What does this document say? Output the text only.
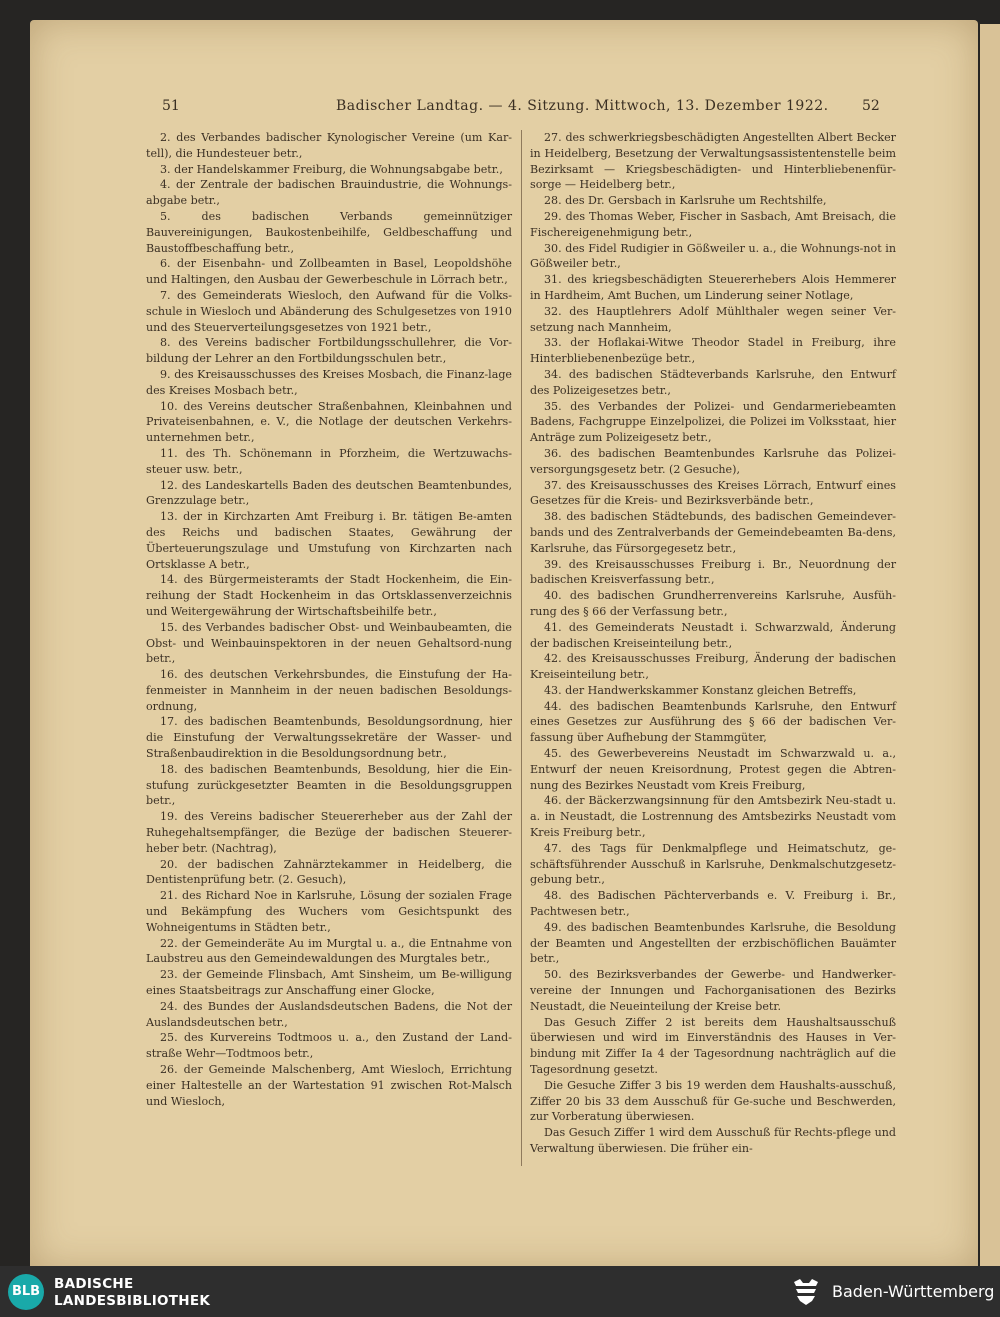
51	Badischer Landtag. — 4. Sitzung. Mittwoch, 13. Dezember 1922. 52

2. des Verbandes badischer Kynologischer Vereine (um Kar-tell), die Hundesteuer betr.,

3. der Handelskammer Freiburg, die Wohnungsabgabe betr.,

4. der Zentrale der badischen Brauindustrie, die Wohnungs-abgabe betr.,

5. des badischen Verbands gemeinnütziger Bauvereinigungen, Baukostenbeihilfe, Geldbeschaffung und Baustoffbeschaffung betr.,

6. der Eisenbahn- und Zollbeamten in Basel, Leopoldshöhe und Haltingen, den Ausbau der Gewerbeschule in Lörrach betr.,

7. des Gemeinderats Wiesloch, den Aufwand für die Volks-schule in Wiesloch und Abänderung des Schulgesetzes von 1910 und des Steuerverteilungsgesetzes von 1921 betr.,

8. des Vereins badischer Fortbildungsschullehrer, die Vor-bildung der Lehrer an den Fortbildungsschulen betr.,

9. des Kreisausschusses des Kreises Mosbach, die Finanz-lage des Kreises Mosbach betr.,

10. des Vereins deutscher Straßenbahnen, Kleinbahnen und Privateisenbahnen, e. V., die Notlage der deutschen Verkehrs-unternehmen betr.,

11. des Th. Schönemann in Pforzheim, die Wertzuwachs-steuer usw. betr.,

12. des Landeskartells Baden des deutschen Beamtenbundes, Grenzzulage betr.,

13. der in Kirchzarten Amt Freiburg i. Br. tätigen Be-amten des Reichs und badischen Staates, Gewährung der Überteuerungszulage und Umstufung von Kirchzarten nach Ortsklasse A betr.,

14. des Bürgermeisteramts der Stadt Hockenheim, die Ein-reihung der Stadt Hockenheim in das Ortsklassenverzeichnis und Weitergewährung der Wirtschaftsbeihilfe betr.,

15. des Verbandes badischer Obst- und Weinbaubeamten, die Obst- und Weinbauinspektoren in der neuen Gehaltsord-nung betr.,

16. des deutschen Verkehrsbundes, die Einstufung der Ha-fenmeister in Mannheim in der neuen badischen Besoldungs-ordnung,

17. des badischen Beamtenbunds, Besoldungsordnung, hier die Einstufung der Verwaltungssekretäre der Wasser- und Straßenbaudirektion in die Besoldungsordnung betr.,

18. des badischen Beamtenbunds, Besoldung, hier die Ein-stufung zurückgesetzter Beamten in die Besoldungsgruppen betr.,

19. des Vereins badischer Steuererheber aus der Zahl der Ruhegehaltsempfänger, die Bezüge der badischen Steuerer-heber betr. (Nachtrag),

20. der badischen Zahnärztekammer in Heidelberg, die Dentistenprüfung betr. (2. Gesuch),

21. des Richard Noe in Karlsruhe, Lösung der sozialen Frage und Bekämpfung des Wuchers vom Gesichtspunkt des Wohneigentums in Städten betr.,

22. der Gemeinderäte Au im Murgtal u. a., die Entnahme von Laubstreu aus den Gemeindewaldungen des Murgtales betr.,

23. der Gemeinde Flinsbach, Amt Sinsheim, um Be-willigung eines Staatsbeitrags zur Anschaffung einer Glocke,

24. des Bundes der Auslandsdeutschen Badens, die Not der Auslandsdeutschen betr.,

25. des Kurvereins Todtmoos u. a., den Zustand der Land-straße Wehr—Todtmoos betr.,

26. der Gemeinde Malschenberg, Amt Wiesloch, Errichtung einer Haltestelle an der Wartestation 91 zwischen Rot-Malsch und Wiesloch,

27. des schwerkriegsbeschädigten Angestellten Albert Becker in Heidelberg, Besetzung der Verwaltungsassistentenstelle beim Bezirksamt — Kriegsbeschädigten- und Hinterbliebenenfür-sorge — Heidelberg betr.,

28. des Dr. Gersbach in Karlsruhe um Rechtshilfe,

29. des Thomas Weber, Fischer in Sasbach, Amt Breisach, die Fischereigenehmigung betr.,

30. des Fidel Rudigier in Gößweiler u. a., die Wohnungs-not in Gößweiler betr.,

31. des kriegsbeschädigten Steuererhebers Alois Hemmerer in Hardheim, Amt Buchen, um Linderung seiner Notlage,

32. des Hauptlehrers Adolf Mühlthaler wegen seiner Ver-setzung nach Mannheim,

33. der Hoflakai-Witwe Theodor Stadel in Freiburg, ihre Hinterbliebenenbezüge betr.,

34. des badischen Städteverbands Karlsruhe, den Entwurf des Polizeigesetzes betr.,

35. des Verbandes der Polizei- und Gendarmeriebeamten Badens, Fachgruppe Einzelpolizei, die Polizei im Volksstaat, hier Anträge zum Polizeigesetz betr.,

36. des badischen Beamtenbundes Karlsruhe das Polizei-versorgungsgesetz betr. (2 Gesuche),

37. des Kreisausschusses des Kreises Lörrach, Entwurf eines Gesetzes für die Kreis- und Bezirksverbände betr.,

38. des badischen Städtebunds, des badischen Gemeindever-bands und des Zentralverbands der Gemeindebeamten Ba-dens, Karlsruhe, das Fürsorgegesetz betr.,

39. des Kreisausschusses Freiburg i. Br., Neuordnung der badischen Kreisverfassung betr.,

40. des badischen Grundherrenvereins Karlsruhe, Ausfüh-rung des § 66 der Verfassung betr.,

41. des Gemeinderats Neustadt i. Schwarzwald, Änderung der badischen Kreiseinteilung betr.,

42. des Kreisausschusses Freiburg, Änderung der badischen Kreiseinteilung betr.,

43. der Handwerkskammer Konstanz gleichen Betreffs,

44. des badischen Beamtenbunds Karlsruhe, den Entwurf eines Gesetzes zur Ausführung des § 66 der badischen Ver-fassung über Aufhebung der Stammgüter,

45. des Gewerbevereins Neustadt im Schwarzwald u. a., Entwurf der neuen Kreisordnung, Protest gegen die Abtren-nung des Bezirkes Neustadt vom Kreis Freiburg,

46. der Bäckerzwangsinnung für den Amtsbezirk Neu-stadt u. a. in Neustadt, die Lostrennung des Amtsbezirks Neustadt vom Kreis Freiburg betr.,

47. des Tags für Denkmalpflege und Heimatschutz, ge-schäftsführender Ausschuß in Karlsruhe, Denkmalschutzgesetz-gebung betr.,

48. des Badischen Pächterverbands e. V. Freiburg i. Br., Pachtwesen betr.,

49. des badischen Beamtenbundes Karlsruhe, die Besoldung der Beamten und Angestellten der erzbischöflichen Bauämter betr.,

50. des Bezirksverbandes der Gewerbe- und Handwerker-vereine der Innungen und Fachorganisationen des Bezirks Neustadt, die Neueinteilung der Kreise betr.

Das Gesuch Ziffer 2 ist bereits dem Haushaltsausschuß überwiesen und wird im Einverständnis des Hauses in Ver-bindung mit Ziffer Ia 4 der Tagesordnung nachträglich auf die Tagesordnung gesetzt.

Die Gesuche Ziffer 3 bis 19 werden dem Haushalts-ausschuß, Ziffer 20 bis 33 dem Ausschuß für Ge-suche und Beschwerden, zur Vorberatung überwiesen.

Das Gesuch Ziffer 1 wird dem Ausschuß für Rechts-pflege und Verwaltung überwiesen. Die früher ein-

BLB BADISCHE
LANDESBIBLIOTHEK	Baden-Württemberg
